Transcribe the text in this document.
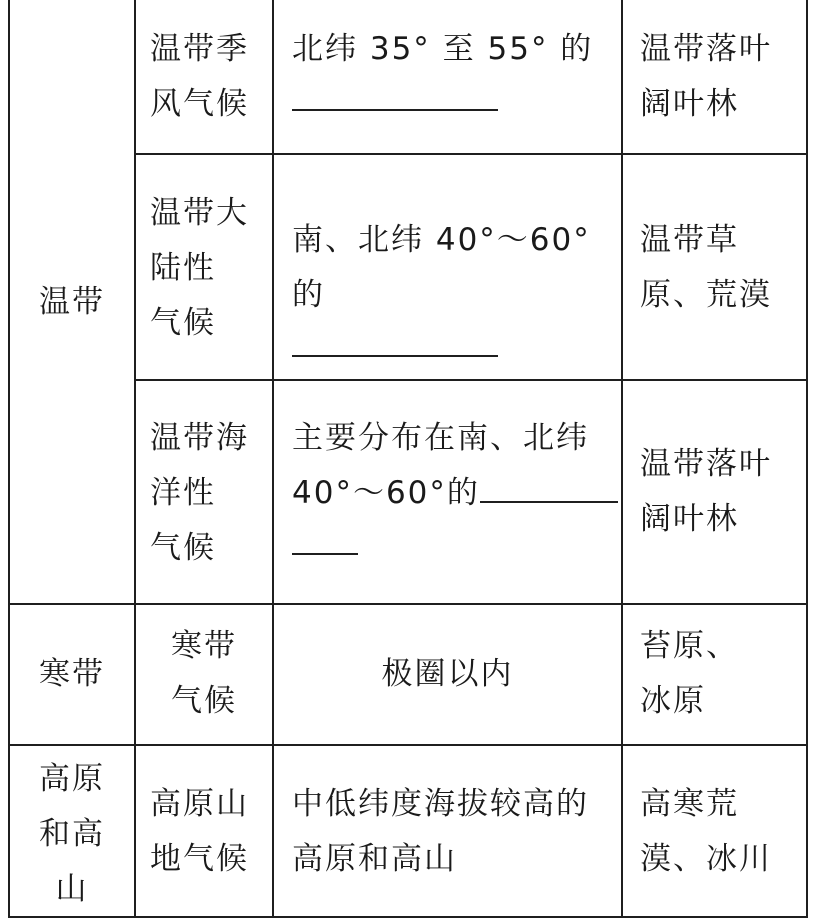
温带
寒带
高原
和高
山
温带季
风气候
北纬 35° 至 55° 的	温带落叶
阔叶林
温带大
陆性
气候
南、北纬 40°～60° 的
温带草
原、荒漠
温带海
洋性
气候
主要分布在南、北纬
40°～60°的
温带落叶
阔叶林
寒带
气候
极圈以内
苔原、
冰原
高原山
地气候
中低纬度海拔较高的
高原和高山
高寒荒
漠、冰川
